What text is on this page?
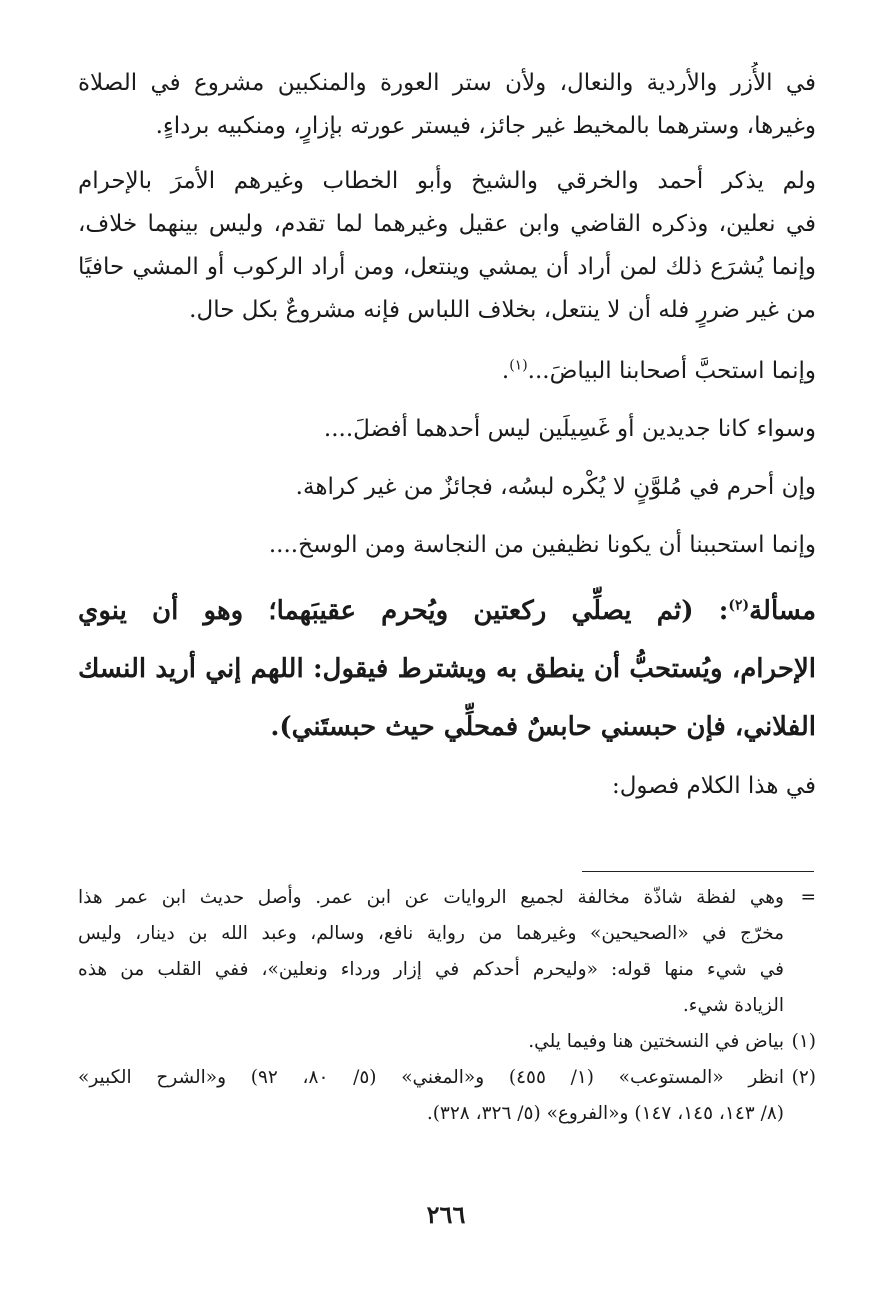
في الأُزر والأردية والنعال، ولأن ستر العورة والمنكبين مشروع في الصلاة
وغيرها، وسترهما بالمخيط غير جائز، فيستر عورته بإزارٍ، ومنكبيه برداءٍ.
ولم يذكر أحمد والخرقي والشيخ وأبو الخطاب وغيرهم الأمرَ بالإحرام
في نعلين، وذكره القاضي وابن عقيل وغيرهما لما تقدم، وليس بينهما خلاف،
وإنما يُشرَع ذلك لمن أراد أن يمشي وينتعل، ومن أراد الركوب أو المشي حافيًا
من غير ضررٍ فله أن لا ينتعل، بخلاف اللباس فإنه مشروعٌ بكل حال.
وإنما استحبَّ أصحابنا البياضَ...$^{(١)}$.
وسواء كانا جديدين أو غَسِيلَين ليس أحدهما أفضلَ....
وإن أحرم في مُلوَّنٍ لا يُكْره لبسُه، فجائزٌ من غير كراهة.
وإنما استحببنا أن يكونا نظيفين من النجاسة ومن الوسخ....
مسألة$^{(٢)}$: (ثم يصلِّي ركعتين ويُحرم عقيبَهما؛ وهو أن ينوي
الإحرام، ويُستحبُّ أن ينطق به ويشترط فيقول: اللهم إني أريد النسك
الفلاني، فإن حبسني حابسٌ فمحلِّي حيث حبستَني).
في هذا الكلام فصول:
=
وهي لفظة شاذّة مخالفة لجميع الروايات عن ابن عمر. وأصل حديث ابن عمر هذا
مخرّج في «الصحيحين» وغيرهما من رواية نافع، وسالم، وعبد الله بن دينار، وليس
في شيء منها قوله: «وليحرم أحدكم في إزار ورداء ونعلين»، ففي القلب من هذه
الزيادة شيء.
(١)
بياض في النسختين هنا وفيما يلي.
(٢)
انظر «المستوعب» (١/ ٤٥٥) و«المغني» (٥/ ٨٠، ٩٢) و«الشرح الكبير»
(٨/ ١٤٣، ١٤٥، ١٤٧) و«الفروع» (٥/ ٣٢٦، ٣٢٨).
٢٦٦
